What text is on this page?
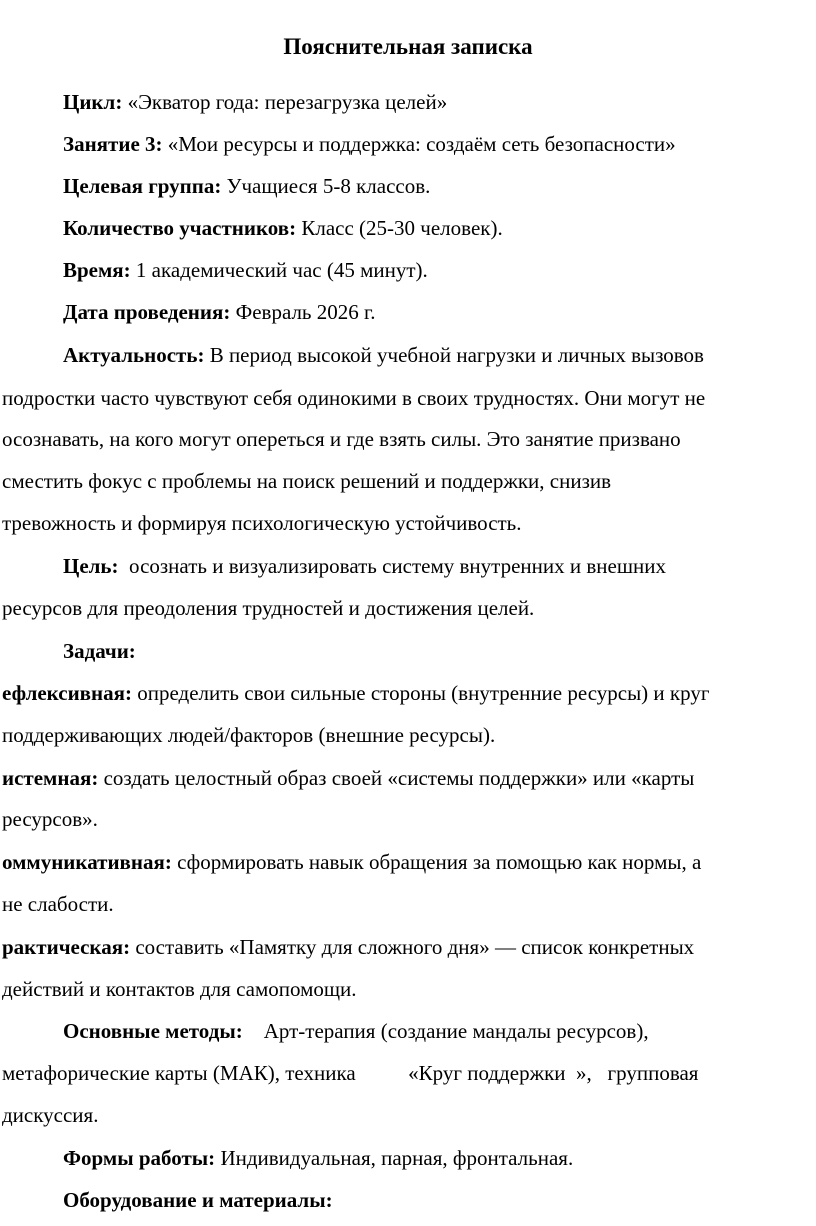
Пояснительная записка
Цикл: «Экватор года: перезагрузка целей»
Занятие 3: «Мои ресурсы и поддержка: создаём сеть безопасности»
Целевая группа: Учащиеся 5-8 классов.
Количество участников: Класс (25-30 человек).
Время: 1 академический час (45 минут).
Дата проведения: Февраль 2026 г.
Актуальность: В период высокой учебной нагрузки и личных вызовов
подростки часто чувствуют себя одинокими в своих трудностях. Они могут не
осознавать, на кого могут опереться и где взять силы. Это занятие призвано
сместить фокус с проблемы на поиск решений и поддержки, снизив
тревожность и формируя психологическую устойчивость.
Цель: осознать и визуализировать систему внутренних и внешних
ресурсов для преодоления трудностей и достижения целей.
Задачи:
ефлексивная: определить свои сильные стороны (внутренние ресурсы) и круг
поддерживающих людей/факторов (внешние ресурсы).
истемная: создать целостный образ своей «системы поддержки» или «карты
ресурсов».
оммуникативная: сформировать навык обращения за помощью как нормы, а
не слабости.
рактическая: составить «Памятку для сложного дня» — список конкретных
действий и контактов для самопомощи.
Основные методы: Арт-терапия (создание мандалы ресурсов),
метафорические карты (МАК), техника          «Круг поддержки  »,   групповая
дискуссия.
Формы работы: Индивидуальная, парная, фронтальная.
Оборудование и материалы:
